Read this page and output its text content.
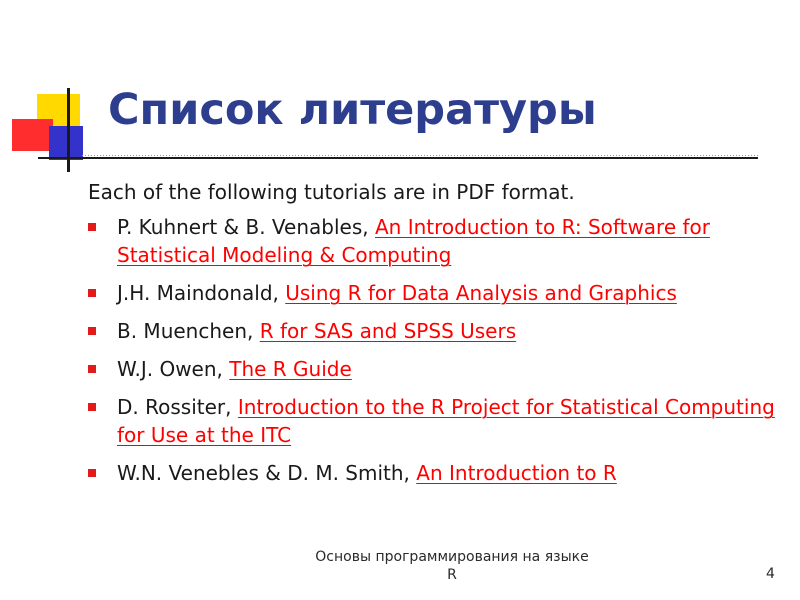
Список литературы

Each of the following tutorials are in PDF format.

P. Kuhnert & B. Venables, An Introduction to R: Software for Statistical Modeling & Computing
J.H. Maindonald, Using R for Data Analysis and Graphics
B. Muenchen, R for SAS and SPSS Users
W.J. Owen, The R Guide
D. Rossiter, Introduction to the R Project for Statistical Computing for Use at the ITC
W.N. Venebles & D. M. Smith, An Introduction to R
Основы программирования на языке R	4
